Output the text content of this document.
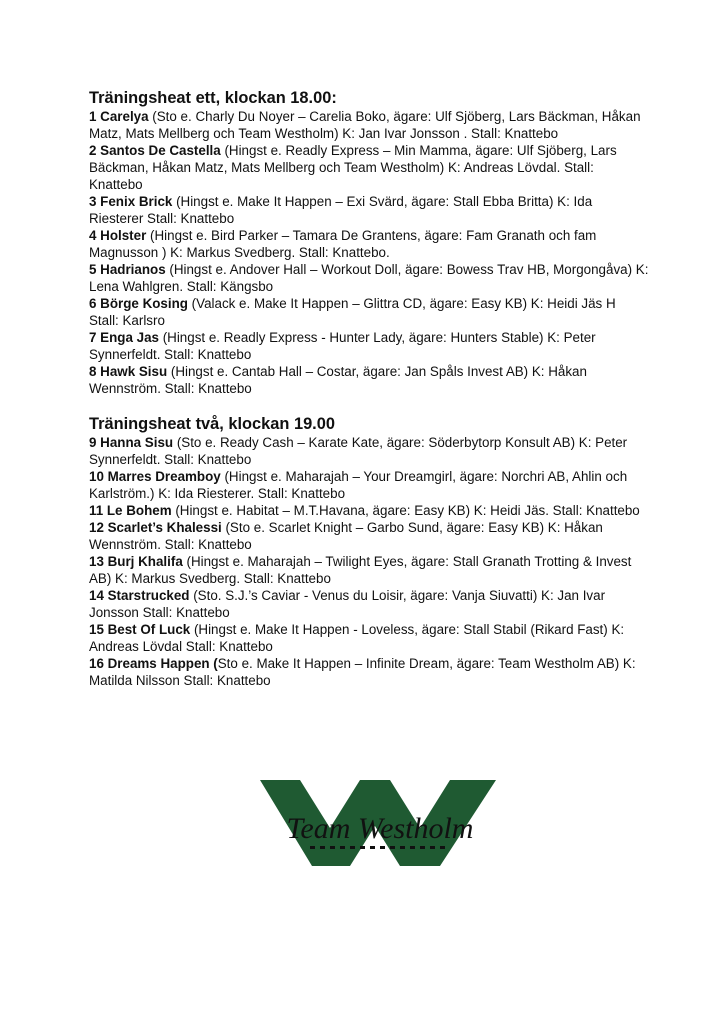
Träningsheat ett, klockan 18.00:

1 Carelya (Sto e. Charly Du Noyer – Carelia Boko, ägare: Ulf Sjöberg, Lars Bäckman, Håkan Matz, Mats Mellberg och Team Westholm) K: Jan Ivar Jonsson . Stall: Knattebo

2 Santos De Castella (Hingst e. Readly Express – Min Mamma, ägare: Ulf Sjöberg, Lars Bäckman, Håkan Matz, Mats Mellberg och Team Westholm) K: Andreas Lövdal. Stall: Knattebo

3 Fenix Brick (Hingst e. Make It Happen – Exi Svärd, ägare: Stall Ebba Britta) K: Ida Riesterer Stall: Knattebo

4 Holster (Hingst e. Bird Parker – Tamara De Grantens, ägare: Fam Granath och fam Magnusson ) K: Markus Svedberg. Stall: Knattebo.

5 Hadrianos (Hingst e. Andover Hall – Workout Doll, ägare: Bowess Trav HB, Morgongåva) K: Lena Wahlgren. Stall: Kängsbo

6 Börge Kosing (Valack e. Make It Happen – Glittra CD, ägare: Easy KB) K: Heidi Jäs H Stall: Karlsro

7 Enga Jas (Hingst e. Readly Express - Hunter Lady, ägare: Hunters Stable) K: Peter Synnerfeldt. Stall: Knattebo

8 Hawk Sisu (Hingst e. Cantab Hall – Costar, ägare: Jan Spåls Invest AB) K: Håkan Wennström. Stall: Knattebo

Träningsheat två, klockan 19.00

9 Hanna Sisu (Sto e. Ready Cash – Karate Kate, ägare: Söderbytorp Konsult AB) K: Peter Synnerfeldt. Stall: Knattebo

10 Marres Dreamboy (Hingst e. Maharajah – Your Dreamgirl, ägare: Norchri AB, Ahlin och Karlström.) K: Ida Riesterer. Stall: Knattebo

11 Le Bohem (Hingst e. Habitat – M.T.Havana, ägare: Easy KB) K: Heidi Jäs. Stall: Knattebo

12 Scarlet’s Khalessi (Sto e. Scarlet Knight – Garbo Sund, ägare: Easy KB) K: Håkan Wennström. Stall: Knattebo

13 Burj Khalifa (Hingst e. Maharajah – Twilight Eyes, ägare: Stall Granath Trotting & Invest AB) K: Markus Svedberg. Stall: Knattebo

14 Starstrucked (Sto. S.J.’s Caviar - Venus du Loisir, ägare: Vanja Siuvatti) K: Jan Ivar Jonsson Stall: Knattebo

15 Best Of Luck (Hingst e. Make It Happen - Loveless, ägare: Stall Stabil (Rikard Fast) K: Andreas Lövdal Stall: Knattebo

16 Dreams Happen (Sto e. Make It Happen – Infinite Dream, ägare: Team Westholm AB) K: Matilda Nilsson Stall: Knattebo

Team Westholm
